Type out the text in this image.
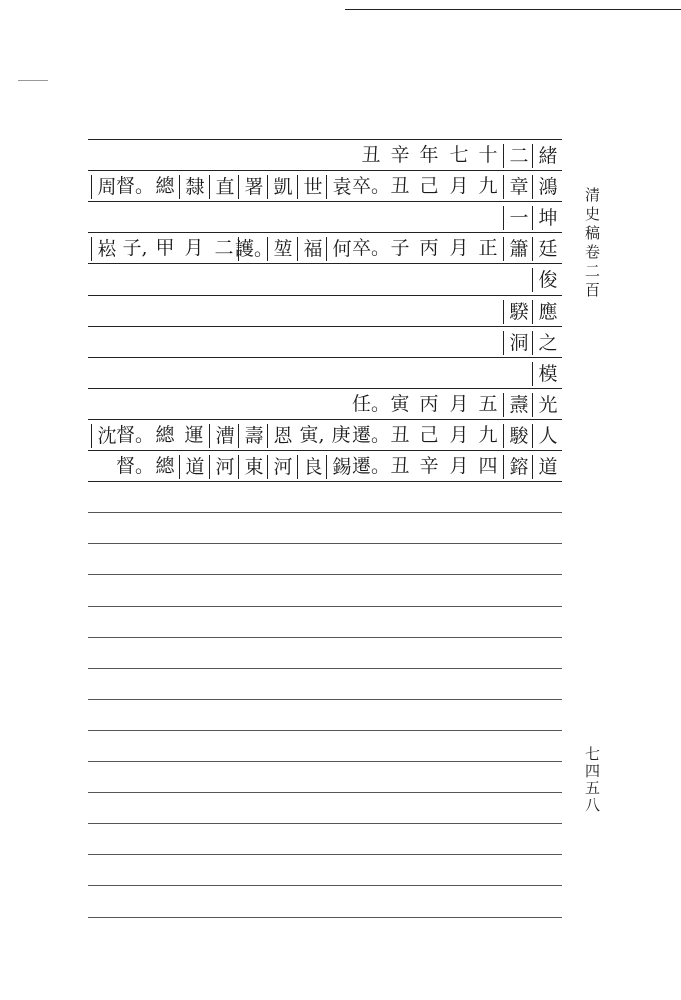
緒
二
十
七
年
辛
丑
鴻
章
九
月
己
丑
卒。
袁
世
凱
署
直
隸
總
督。
周
坤
一
廷
簫
正
月
丙
子
卒。
何
福
堃
護。
二
月
甲
子,
崧
俊
應
騤
之
洞
模
光
燾
五
月
丙
寅
任。
人
駿
九
月
己
丑
遷。
庚
寅,
恩
壽
漕
運
總
督。
沈
道
鎔
四
月
辛
丑
遷。
錫
良
河
東
河
道
總
督。
清史稿卷二百
七四五八
